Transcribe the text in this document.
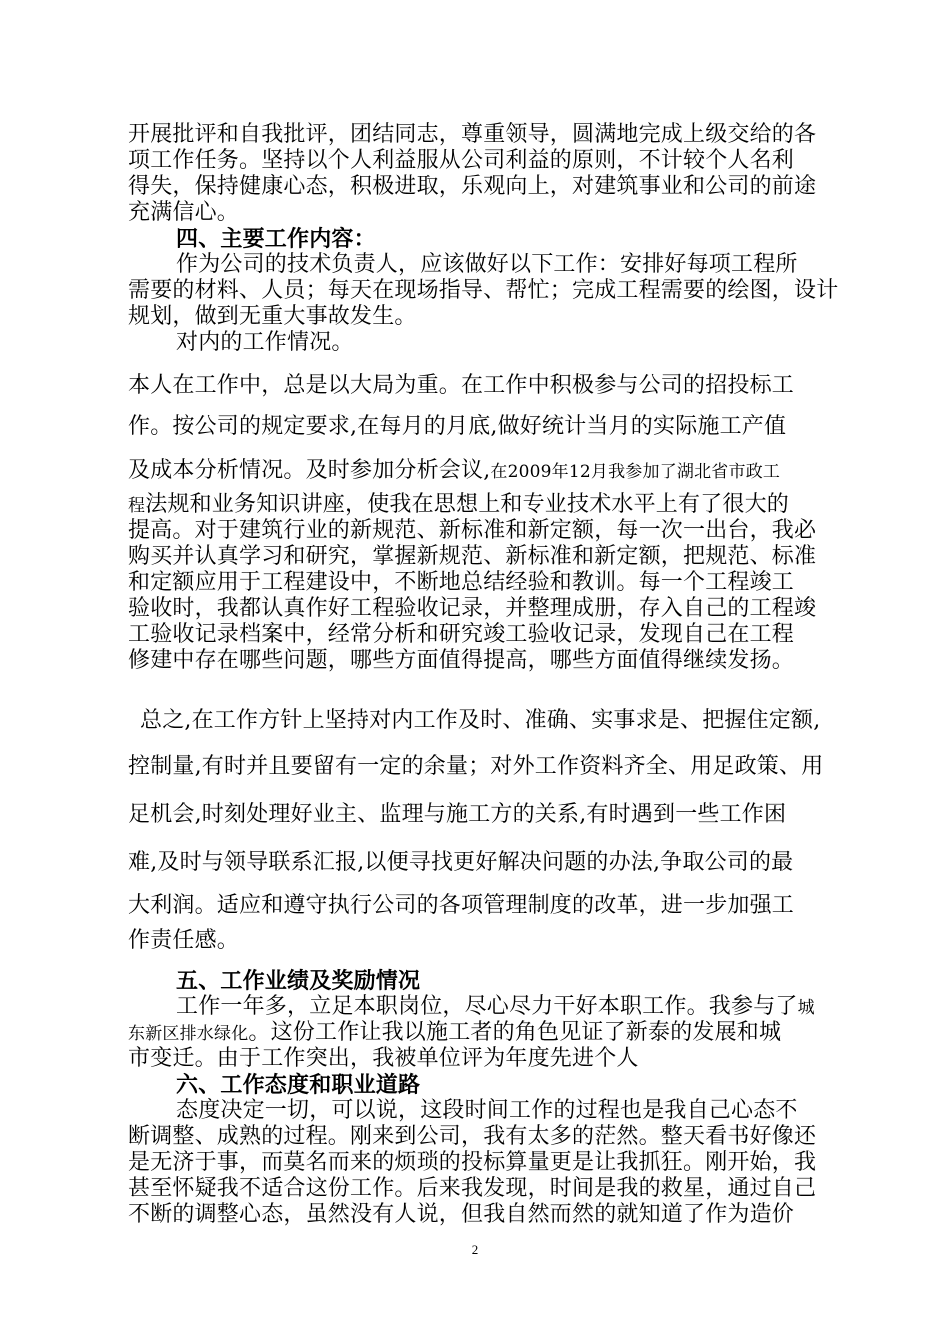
开展批评和自我批评，团结同志，尊重领导，圆满地完成上级交给的各
项工作任务。坚持以个人利益服从公司利益的原则，不计较个人名利
得失，保持健康心态，积极进取，乐观向上，对建筑事业和公司的前途
充满信心。
四、主要工作内容：
作为公司的技术负责人，应该做好以下工作：安排好每项工程所
需要的材料、人员；每天在现场指导、帮忙；完成工程需要的绘图，设计
规划，做到无重大事故发生。
对内的工作情况。
本人在工作中，总是以大局为重。在工作中积极参与公司的招投标工
作。按公司的规定要求,在每月的月底,做好统计当月的实际施工产值
及成本分析情况。及时参加分析会议,在2009年12月我参加了湖北省市政工
程法规和业务知识讲座，使我在思想上和专业技术水平上有了很大的
提高。对于建筑行业的新规范、新标准和新定额，每一次一出台，我必
购买并认真学习和研究，掌握新规范、新标准和新定额，把规范、标准
和定额应用于工程建设中，不断地总结经验和教训。每一个工程竣工
验收时，我都认真作好工程验收记录，并整理成册，存入自己的工程竣
工验收记录档案中，经常分析和研究竣工验收记录，发现自己在工程
修建中存在哪些问题，哪些方面值得提高，哪些方面值得继续发扬。
总之,在工作方针上坚持对内工作及时、准确、实事求是、把握住定额,
控制量,有时并且要留有一定的余量；对外工作资料齐全、用足政策、用
足机会,时刻处理好业主、监理与施工方的关系,有时遇到一些工作困
难,及时与领导联系汇报,以便寻找更好解决问题的办法,争取公司的最
大利润。适应和遵守执行公司的各项管理制度的改革，进一步加强工
作责任感。
五、工作业绩及奖励情况
工作一年多，立足本职岗位，尽心尽力干好本职工作。我参与了城
东新区排水绿化。这份工作让我以施工者的角色见证了新泰的发展和城
市变迁。由于工作突出，我被单位评为年度先进个人
六、工作态度和职业道路
态度决定一切，可以说，这段时间工作的过程也是我自己心态不
断调整、成熟的过程。刚来到公司，我有太多的茫然。整天看书好像还
是无济于事，而莫名而来的烦琐的投标算量更是让我抓狂。刚开始，我
甚至怀疑我不适合这份工作。后来我发现，时间是我的救星，通过自己
不断的调整心态，虽然没有人说，但我自然而然的就知道了作为造价
2
